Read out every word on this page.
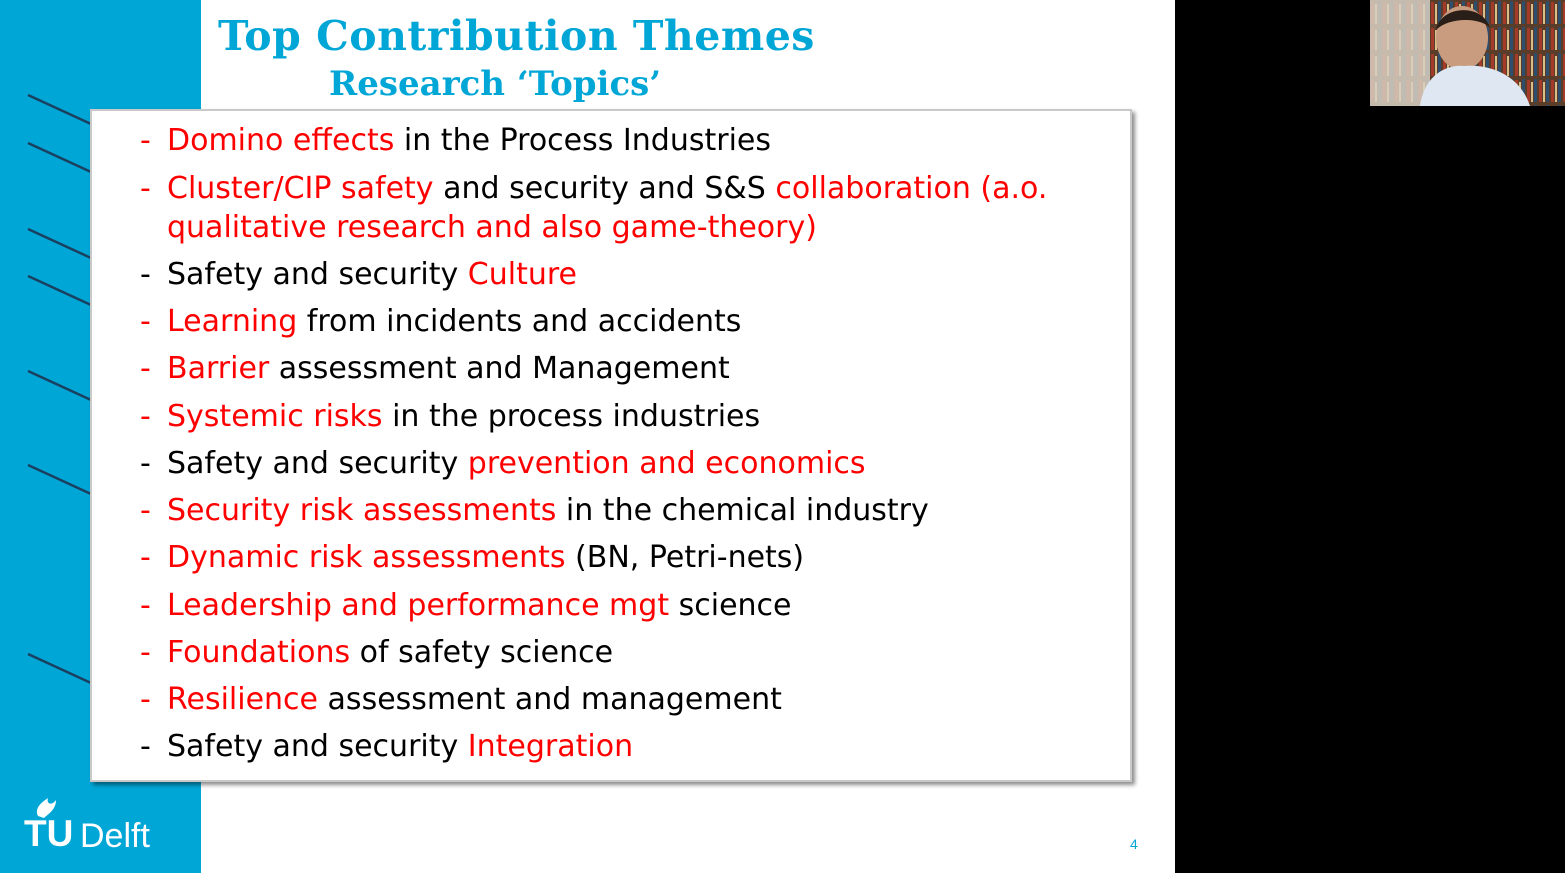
Top Contribution Themes
Research ‘Topics’
- Domino effects in the Process Industries
- Cluster/CIP safety and security and S&S collaboration (a.o.
qualitative research and also game-theory)
- Safety and security Culture
- Learning from incidents and accidents
- Barrier assessment and Management
- Systemic risks in the process industries
- Safety and security prevention and economics
- Security risk assessments in the chemical industry
- Dynamic risk assessments (BN, Petri-nets)
- Leadership and performance mgt science
- Foundations of safety science
- Resilience assessment and management
- Safety and security Integration
TU Delft	4
